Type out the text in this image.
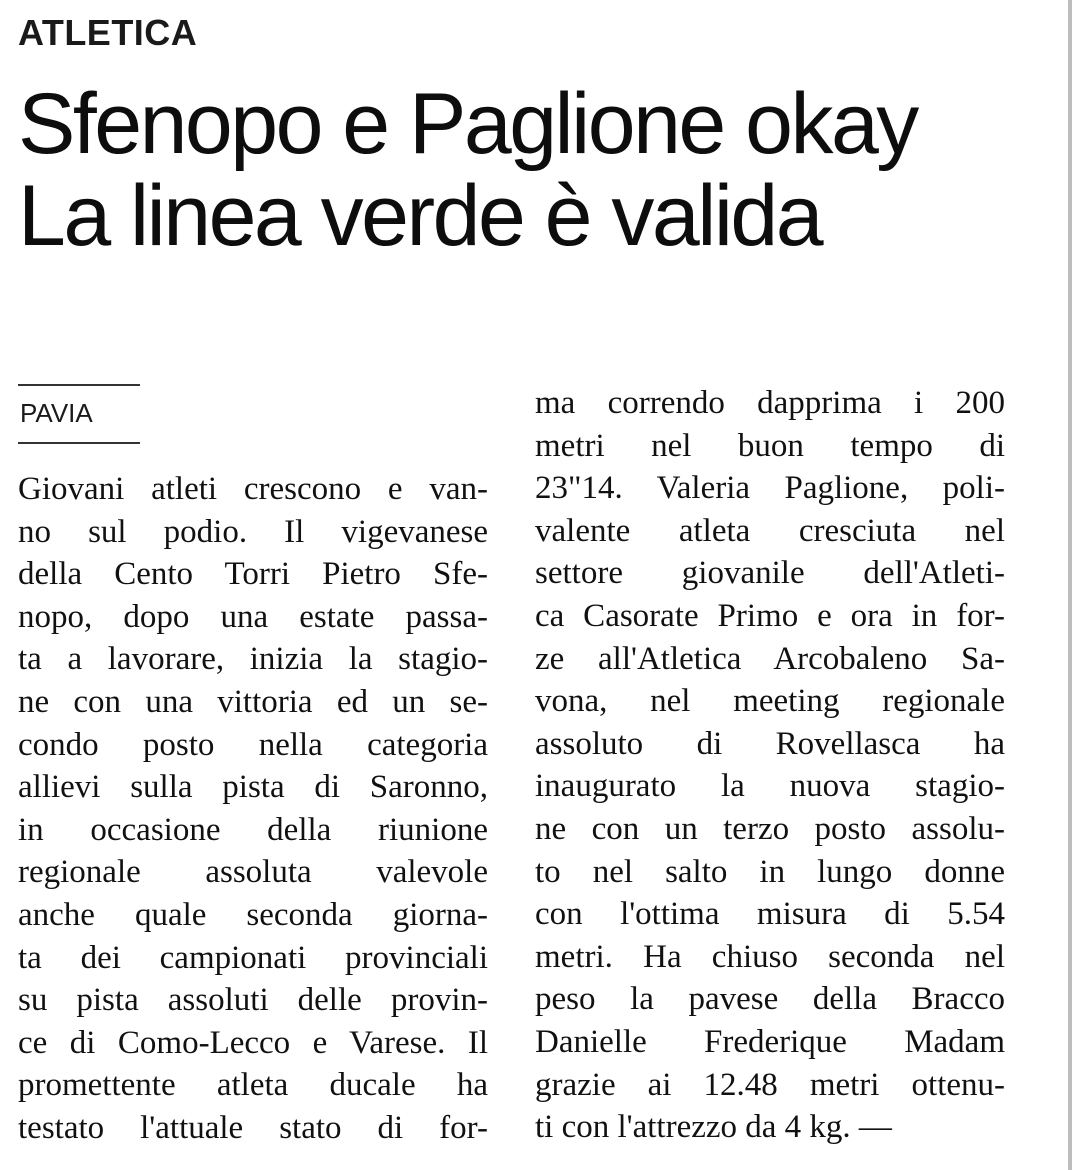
ATLETICA
Sfenopo e Paglione okay
La linea verde è valida
PAVIA
Giovani atleti crescono e van-
no sul podio. Il vigevanese
della Cento Torri Pietro Sfe-
nopo, dopo una estate passa-
ta a lavorare, inizia la stagio-
ne con una vittoria ed un se-
condo posto nella categoria
allievi sulla pista di Saronno,
in occasione della riunione
regionale assoluta valevole
anche quale seconda giorna-
ta dei campionati provinciali
su pista assoluti delle provin-
ce di Como-Lecco e Varese. Il
promettente atleta ducale ha
testato l'attuale stato di for-
ma correndo dapprima i 200
metri nel buon tempo di
23"14. Valeria Paglione, poli-
valente atleta cresciuta nel
settore giovanile dell'Atleti-
ca Casorate Primo e ora in for-
ze all'Atletica Arcobaleno Sa-
vona, nel meeting regionale
assoluto di Rovellasca ha
inaugurato la nuova stagio-
ne con un terzo posto assolu-
to nel salto in lungo donne
con l'ottima misura di 5.54
metri. Ha chiuso seconda nel
peso la pavese della Bracco
Danielle Frederique Madam
grazie ai 12.48 metri ottenu-
ti con l'attrezzo da 4 kg. —
